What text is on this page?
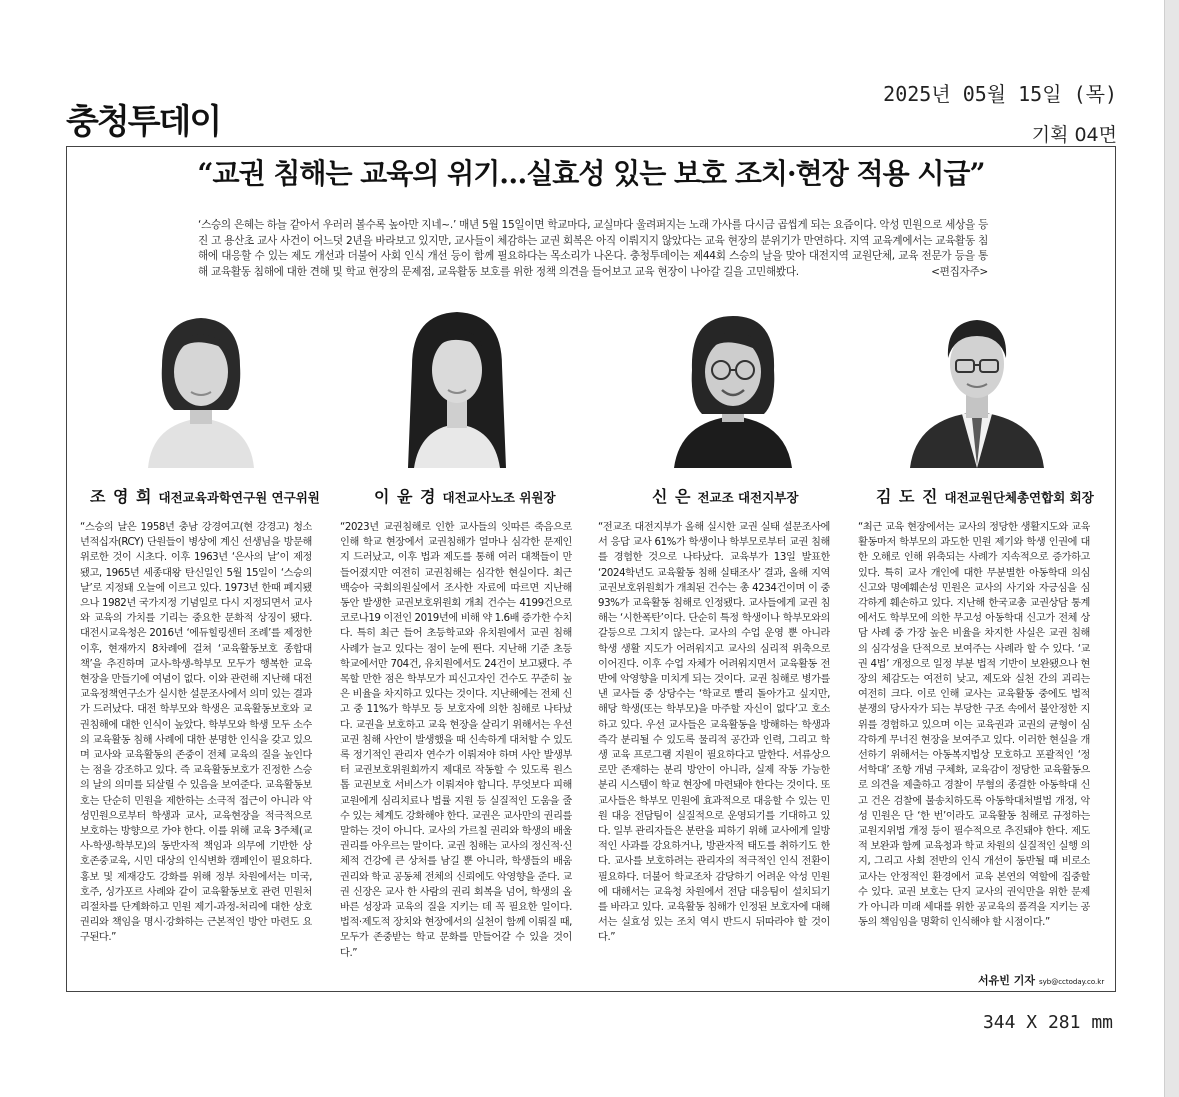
충청투데이
2025년 05월 15일 (목)
기획 04면
“교권 침해는 교육의 위기…실효성 있는 보호 조치·현장 적용 시급”
‘스승의 은혜는 하늘 같아서 우러러 볼수록 높아만 지네~.’ 매년 5월 15일이면 학교마다, 교실마다 울려퍼지는 노래 가사를 다시금 곱씹게 되는 요즘이다. 악성 민원으로 세상을 등진 고 용산초 교사 사건이 어느덧 2년을 바라보고 있지만, 교사들이 체감하는 교권 회복은 아직 이뤄지지 않았다는 교육 현장의 분위기가 만연하다. 지역 교육계에서는 교육활동 침해에 대응할 수 있는 제도 개선과 더불어 사회 인식 개선 등이 함께 필요하다는 목소리가 나온다. 충청투데이는 제44회 스승의 날을 맞아 대전지역 교원단체, 교육 전문가 등을 통해 교육활동 침해에 대한 견해 및 학교 현장의 문제점, 교육활동 보호를 위한 정책 의견을 들어보고 교육 현장이 나아갈 길을 고민해봤다.	<편집자주>
조 영 희 대전교육과학연구원 연구위원	이 윤 경 대전교사노조 위원장	신 은 전교조 대전지부장	김 도 진 대전교원단체총연합회 회장

“스승의 날은 1958년 충남 강경여고(현 강경고) 청소년적십자(RCY) 단원들이 병상에 계신 선생님을 방문해 위로한 것이 시초다. 이후 1963년 ‘은사의 날’이 제정됐고, 1965년 세종대왕 탄신일인 5월 15일이 ‘스승의 날’로 지정돼 오늘에 이르고 있다. 1973년 한때 폐지됐으나 1982년 국가지정 기념일로 다시 지정되면서 교사와 교육의 가치를 기리는 중요한 문화적 상징이 됐다. 대전시교육청은 2016년 ‘에듀힐링센터 조례’를 제정한 이후, 현재까지 8차례에 걸쳐 ‘교육활동보호 종합대책’을 추진하며 교사-학생-학부모 모두가 행복한 교육 현장을 만들기에 여념이 없다. 이와 관련해 지난해 대전교육정책연구소가 실시한 설문조사에서 의미 있는 결과가 드러났다. 대전 학부모와 학생은 교육활동보호와 교권침해에 대한 인식이 높았다. 학부모와 학생 모두 소수의 교육활동 침해 사례에 대한 분명한 인식을 갖고 있으며 교사와 교육활동의 존중이 전체 교육의 질을 높인다는 점을 강조하고 있다. 즉 교육활동보호가 진정한 스승의 날의 의미를 되살릴 수 있음을 보여준다. 교육활동보호는 단순히 민원을 제한하는 소극적 접근이 아니라 악성민원으로부터 학생과 교사, 교육현장을 적극적으로 보호하는 방향으로 가야 한다. 이를 위해 교육 3주체(교사-학생-학부모)의 동반자적 책임과 의무에 기반한 상호존중교육, 시민 대상의 인식변화 캠페인이 필요하다. 홍보 및 제재강도 강화를 위해 정부 차원에서는 미국, 호주, 싱가포르 사례와 같이 교육활동보호 관련 민원처리절차를 단계화하고 민원 제기-과정-처리에 대한 상호 권리와 책임을 명시·강화하는 근본적인 방안 마련도 요구된다.”

“2023년 교권침해로 인한 교사들의 잇따른 죽음으로 인해 학교 현장에서 교권침해가 얼마나 심각한 문제인지 드러났고, 이후 법과 제도를 통해 여러 대책들이 만들어졌지만 여전히 교권침해는 심각한 현실이다. 최근 백승아 국회의원실에서 조사한 자료에 따르면 지난해 동안 발생한 교권보호위원회 개최 건수는 4199건으로 코로나19 이전인 2019년에 비해 약 1.6배 증가한 수치다. 특히 최근 들어 초등학교와 유치원에서 교권 침해 사례가 늘고 있다는 점이 눈에 띈다. 지난해 기준 초등학교에서만 704건, 유치원에서도 24건이 보고됐다. 주목할 만한 점은 학부모가 피신고자인 건수도 꾸준히 높은 비율을 차지하고 있다는 것이다. 지난해에는 전체 신고 중 11%가 학부모 등 보호자에 의한 침해로 나타났다. 교권을 보호하고 교육 현장을 살리기 위해서는 우선 교권 침해 사안이 발생했을 때 신속하게 대처할 수 있도록 정기적인 관리자 연수가 이뤄져야 하며 사안 발생부터 교권보호위원회까지 제대로 작동할 수 있도록 원스톱 교권보호 서비스가 이뤄져야 합니다. 무엇보다 피해 교원에게 심리치료나 법률 지원 등 실질적인 도움을 줄 수 있는 체계도 강화해야 한다. 교권은 교사만의 권리를 말하는 것이 아니다. 교사의 가르칠 권리와 학생의 배울 권리를 아우르는 말이다. 교권 침해는 교사의 정신적·신체적 건강에 큰 상처를 남길 뿐 아니라, 학생들의 배움 권리와 학교 공동체 전체의 신뢰에도 악영향을 준다. 교권 신장은 교사 한 사람의 권리 회복을 넘어, 학생의 올바른 성장과 교육의 질을 지키는 데 꼭 필요한 일이다. 법적·제도적 장치와 현장에서의 실천이 함께 이뤄질 때, 모두가 존중받는 학교 문화를 만들어갈 수 있을 것이다.”

“전교조 대전지부가 올해 실시한 교권 실태 설문조사에서 응답 교사 61%가 학생이나 학부모로부터 교권 침해를 경험한 것으로 나타났다. 교육부가 13일 발표한 ‘2024학년도 교육활동 침해 실태조사’ 결과, 올해 지역교권보호위원회가 개최된 건수는 총 4234건이며 이 중 93%가 교육활동 침해로 인정됐다. 교사들에게 교권 침해는 ‘시한폭탄’이다. 단순히 특정 학생이나 학부모와의 갈등으로 그치지 않는다. 교사의 수업 운영 뿐 아니라 학생 생활 지도가 어려워지고 교사의 심리적 위축으로 이어진다. 이후 수업 자체가 어려워지면서 교육활동 전반에 악영향을 미치게 되는 것이다. 교권 침해로 병가를 낸 교사들 중 상당수는 ‘학교로 빨리 돌아가고 싶지만, 해당 학생(또는 학부모)을 마주할 자신이 없다’고 호소하고 있다. 우선 교사들은 교육활동을 방해하는 학생과 즉각 분리될 수 있도록 물리적 공간과 인력, 그리고 학생 교육 프로그램 지원이 필요하다고 말한다. 서류상으로만 존재하는 분리 방안이 아니라, 실제 작동 가능한 분리 시스템이 학교 현장에 마련돼야 한다는 것이다. 또 교사들은 학부모 민원에 효과적으로 대응할 수 있는 민원 대응 전담팀이 실질적으로 운영되기를 기대하고 있다. 일부 관리자들은 분란을 피하기 위해 교사에게 일방적인 사과를 강요하거나, 방관자적 태도를 취하기도 한다. 교사를 보호하려는 관리자의 적극적인 인식 전환이 필요하다. 더불어 학교조차 감당하기 어려운 악성 민원에 대해서는 교육청 차원에서 전담 대응팀이 설치되기를 바라고 있다. 교육활동 침해가 인정된 보호자에 대해서는 실효성 있는 조치 역시 반드시 뒤따라야 할 것이다.”

“최근 교육 현장에서는 교사의 정당한 생활지도와 교육 활동마저 학부모의 과도한 민원 제기와 학생 인권에 대한 오해로 인해 위축되는 사례가 지속적으로 증가하고 있다. 특히 교사 개인에 대한 무분별한 아동학대 의심 신고와 명예훼손성 민원은 교사의 사기와 자긍심을 심각하게 훼손하고 있다. 지난해 한국교총 교권상담 통계에서도 학부모에 의한 무고성 아동학대 신고가 전체 상담 사례 중 가장 높은 비율을 차지한 사실은 교권 침해의 심각성을 단적으로 보여주는 사례라 할 수 있다. ‘교권 4법’ 개정으로 일정 부분 법적 기반이 보완됐으나 현장의 체감도는 여전히 낮고, 제도와 실천 간의 괴리는 여전히 크다. 이로 인해 교사는 교육활동 중에도 법적 분쟁의 당사자가 되는 부당한 구조 속에서 불안정한 지위를 경험하고 있으며 이는 교육권과 교권의 균형이 심각하게 무너진 현장을 보여주고 있다. 이러한 현실을 개선하기 위해서는 아동복지법상 모호하고 포괄적인 ‘정서학대’ 조항 개념 구체화, 교육감이 정당한 교육활동으로 의견을 제출하고 경찰이 무혐의 종결한 아동학대 신고 건은 검찰에 불송치하도록 아동학대처벌법 개정, 악성 민원은 단 ‘한 번’이라도 교육활동 침해로 규정하는 교원지위법 개정 등이 필수적으로 추진돼야 한다. 제도적 보완과 함께 교육청과 학교 차원의 실질적인 실행 의지, 그리고 사회 전반의 인식 개선이 동반될 때 비로소 교사는 안정적인 환경에서 교육 본연의 역할에 집중할 수 있다. 교권 보호는 단지 교사의 권익만을 위한 문제가 아니라 미래 세대를 위한 공교육의 품격을 지키는 공동의 책임임을 명확히 인식해야 할 시점이다.”

서유빈 기자 syb@cctoday.co.kr
344 X 281 mm
